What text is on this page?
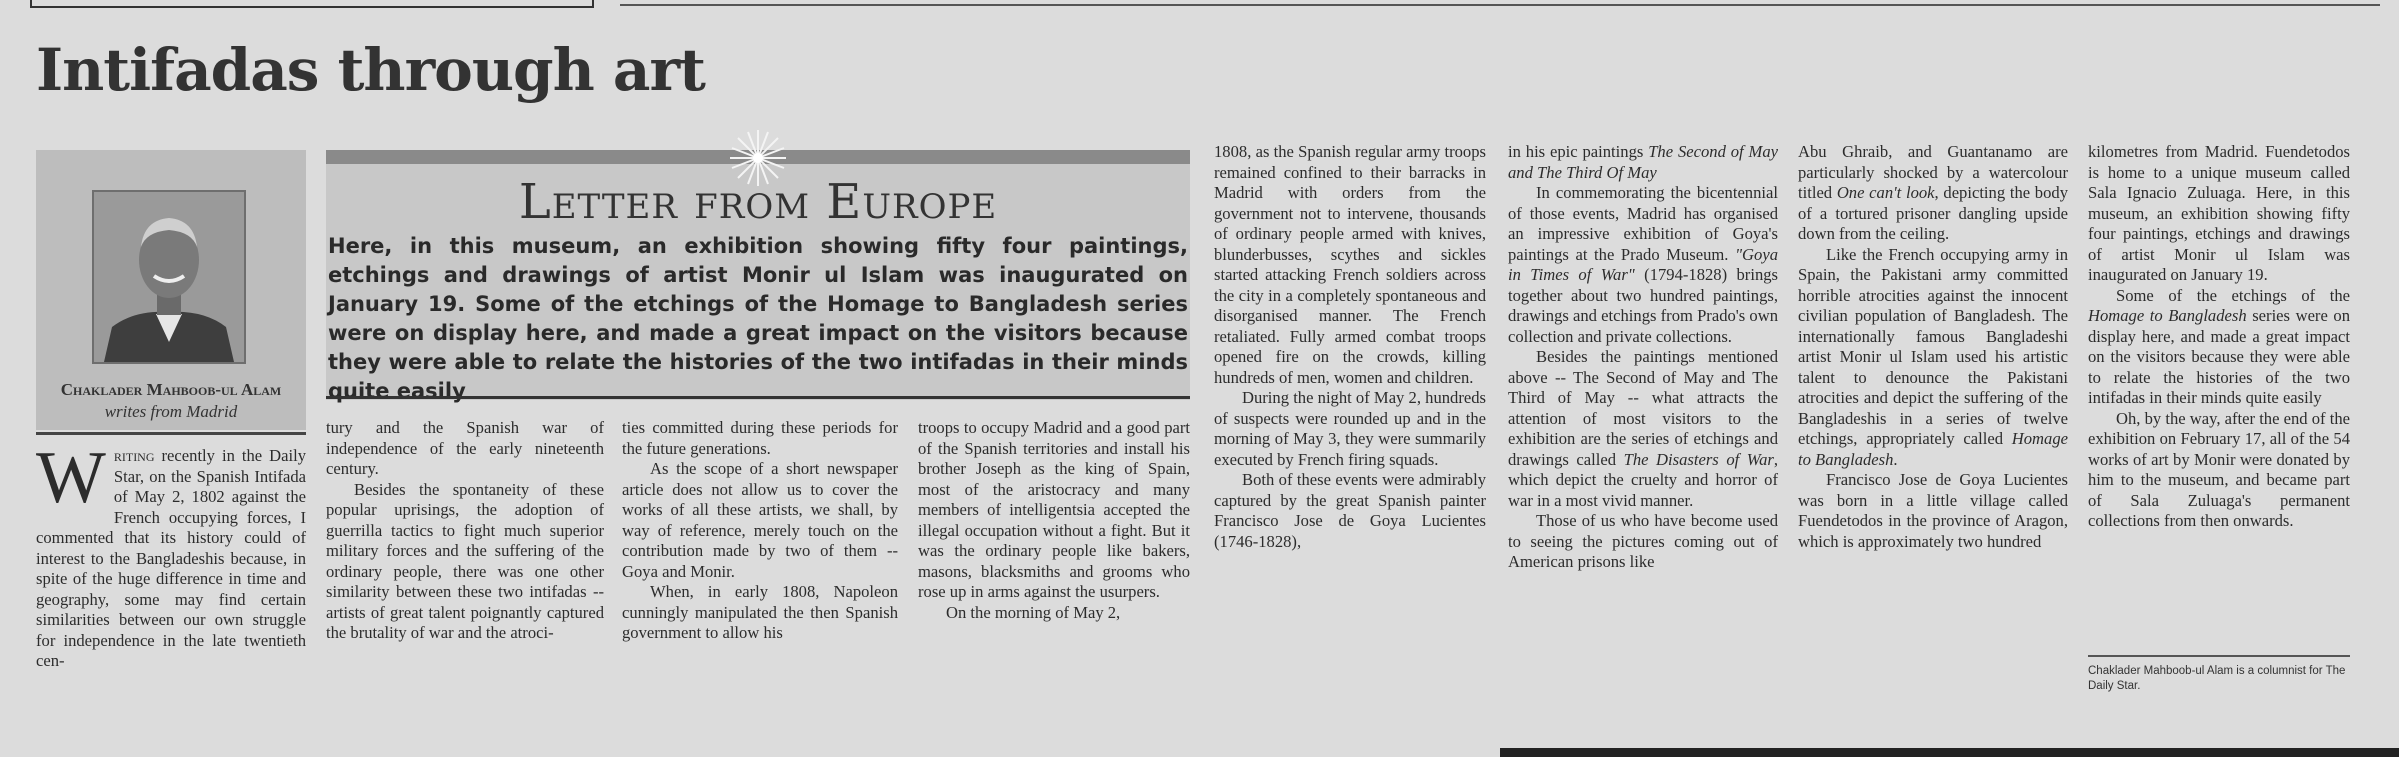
Intifadas through art
Chaklader Mahboob-ul Alam
writes from Madrid
Letter from Europe

Here, in this museum, an exhibition showing fifty four paintings, etchings and drawings of artist Monir ul Islam was inaugurated on January 19. Some of the etchings of the Homage to Bangladesh series were on display here, and made a great impact on the visitors because they were able to relate the histories of the two intifadas in their minds quite easily

Writing recently in the Daily Star, on the Spanish Intifada of May 2, 1802 against the French occupying forces, I commented that its history could of interest to the Bangladeshis because, in spite of the huge difference in time and geography, some may find certain similarities between our own struggle for independence in the late twentieth cen-

tury and the Spanish war of independence of the early nineteenth century.

Besides the spontaneity of these popular uprisings, the adoption of guerrilla tactics to fight much superior military forces and the suffering of the ordinary people, there was one other similarity between these two intifadas -- artists of great talent poignantly captured the brutality of war and the atroci-

ties committed during these periods for the future generations.

As the scope of a short newspaper article does not allow us to cover the works of all these artists, we shall, by way of reference, merely touch on the contribution made by two of them -- Goya and Monir.

When, in early 1808, Napoleon cunningly manipulated the then Spanish government to allow his

troops to occupy Madrid and a good part of the Spanish territories and install his brother Joseph as the king of Spain, most of the aristocracy and many members of intelligentsia accepted the illegal occupation without a fight. But it was the ordinary people like bakers, masons, blacksmiths and grooms who rose up in arms against the usurpers.

On the morning of May 2,

1808, as the Spanish regular army troops remained confined to their barracks in Madrid with orders from the government not to intervene, thousands of ordinary people armed with knives, blunderbusses, scythes and sickles started attacking French soldiers across the city in a completely spontaneous and disorganised manner. The French retaliated. Fully armed combat troops opened fire on the crowds, killing hundreds of men, women and children.

During the night of May 2, hundreds of suspects were rounded up and in the morning of May 3, they were summarily executed by French firing squads.

Both of these events were admirably captured by the great Spanish painter Francisco Jose de Goya Lucientes (1746-1828),

in his epic paintings The Second of May and The Third Of May

In commemorating the bicentennial of those events, Madrid has organised an impressive exhibition of Goya's paintings at the Prado Museum. "Goya in Times of War" (1794-1828) brings together about two hundred paintings, drawings and etchings from Prado's own collection and private collections.

Besides the paintings mentioned above -- The Second of May and The Third of May -- what attracts the attention of most visitors to the exhibition are the series of etchings and drawings called The Disasters of War, which depict the cruelty and horror of war in a most vivid manner.

Those of us who have become used to seeing the pictures coming out of American prisons like

Abu Ghraib, and Guantanamo are particularly shocked by a watercolour titled One can't look, depicting the body of a tortured prisoner dangling upside down from the ceiling.

Like the French occupying army in Spain, the Pakistani army committed horrible atrocities against the innocent civilian population of Bangladesh. The internationally famous Bangladeshi artist Monir ul Islam used his artistic talent to denounce the Pakistani atrocities and depict the suffering of the Bangladeshis in a series of twelve etchings, appropriately called Homage to Bangladesh.

Francisco Jose de Goya Lucientes was born in a little village called Fuendetodos in the province of Aragon, which is approximately two hundred

kilometres from Madrid. Fuendetodos is home to a unique museum called Sala Ignacio Zuluaga. Here, in this museum, an exhibition showing fifty four paintings, etchings and drawings of artist Monir ul Islam was inaugurated on January 19.

Some of the etchings of the Homage to Bangladesh series were on display here, and made a great impact on the visitors because they were able to relate the histories of the two intifadas in their minds quite easily

Oh, by the way, after the end of the exhibition on February 17, all of the 54 works of art by Monir were donated by him to the museum, and became part of Sala Zuluaga's permanent collections from then onwards.

Chaklader Mahboob-ul Alam is a columnist for The Daily Star.
